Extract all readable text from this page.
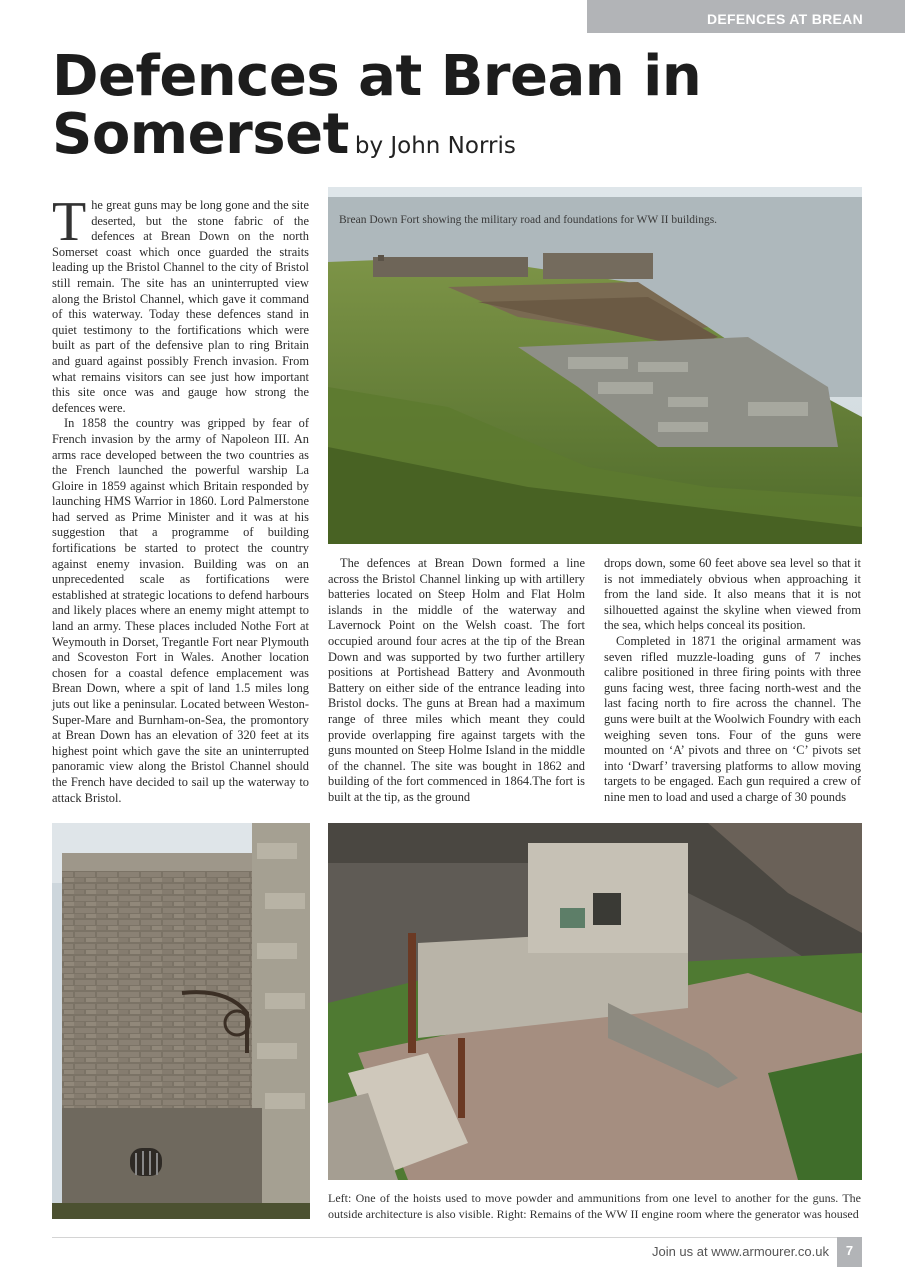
DEFENCES AT BREAN
Defences at Brean in Somerset by John Norris

The great guns may be long gone and the site deserted, but the stone fabric of the defences at Brean Down on the north Somerset coast which once guarded the straits leading up the Bristol Channel to the city of Bristol still remain. The site has an uninterrupted view along the Bristol Channel, which gave it command of this waterway. Today these defences stand in quiet testimony to the fortifications which were built as part of the defensive plan to ring Britain and guard against possibly French invasion. From what remains visitors can see just how important this site once was and gauge how strong the defences were.

In 1858 the country was gripped by fear of French invasion by the army of Napoleon III. An arms race developed between the two countries as the French launched the powerful warship La Gloire in 1859 against which Britain responded by launching HMS Warrior in 1860. Lord Palmerstone had served as Prime Minister and it was at his suggestion that a programme of building fortifications be started to protect the country against enemy invasion. Building was on an unprecedented scale as fortifications were established at strategic locations to defend harbours and likely places where an enemy might attempt to land an army. These places included Nothe Fort at Weymouth in Dorset, Tregantle Fort near Plymouth and Scoveston Fort in Wales. Another location chosen for a coastal defence emplacement was Brean Down, where a spit of land 1.5 miles long juts out like a peninsular. Located between Weston-Super-Mare and Burnham-on-Sea, the promontory at Brean Down has an elevation of 320 feet at its highest point which gave the site an uninterrupted panoramic view along the Bristol Channel should the French have decided to sail up the waterway to attack Bristol.

Brean Down Fort showing the military road and foundations for WW II buildings.

The defences at Brean Down formed a line across the Bristol Channel linking up with artillery batteries located on Steep Holm and Flat Holm islands in the middle of the waterway and Lavernock Point on the Welsh coast. The fort occupied around four acres at the tip of the Brean Down and was supported by two further artillery positions at Portishead Battery and Avonmouth Battery on either side of the entrance leading into Bristol docks. The guns at Brean had a maximum range of three miles which meant they could provide overlapping fire against targets with the guns mounted on Steep Holme Island in the middle of the channel. The site was bought in 1862 and building of the fort commenced in 1864.The fort is built at the tip, as the ground

drops down, some 60 feet above sea level so that it is not immediately obvious when approaching it from the land side. It also means that it is not silhouetted against the skyline when viewed from the sea, which helps conceal its position.

Completed in 1871 the original armament was seven rifled muzzle-loading guns of 7 inches calibre positioned in three firing points with three guns facing west, three facing north-west and the last facing north to fire across the channel. The guns were built at the Woolwich Foundry with each weighing seven tons. Four of the guns were mounted on ‘A’ pivots and three on ‘C’ pivots set into ‘Dwarf’ traversing platforms to allow moving targets to be engaged. Each gun required a crew of nine men to load and used a charge of 30 pounds

Left: One of the hoists used to move powder and ammunitions from one level to another for the guns. The outside architecture is also visible. Right: Remains of the WW II engine room where the generator was housed
Join us at www.armourer.co.uk	7
